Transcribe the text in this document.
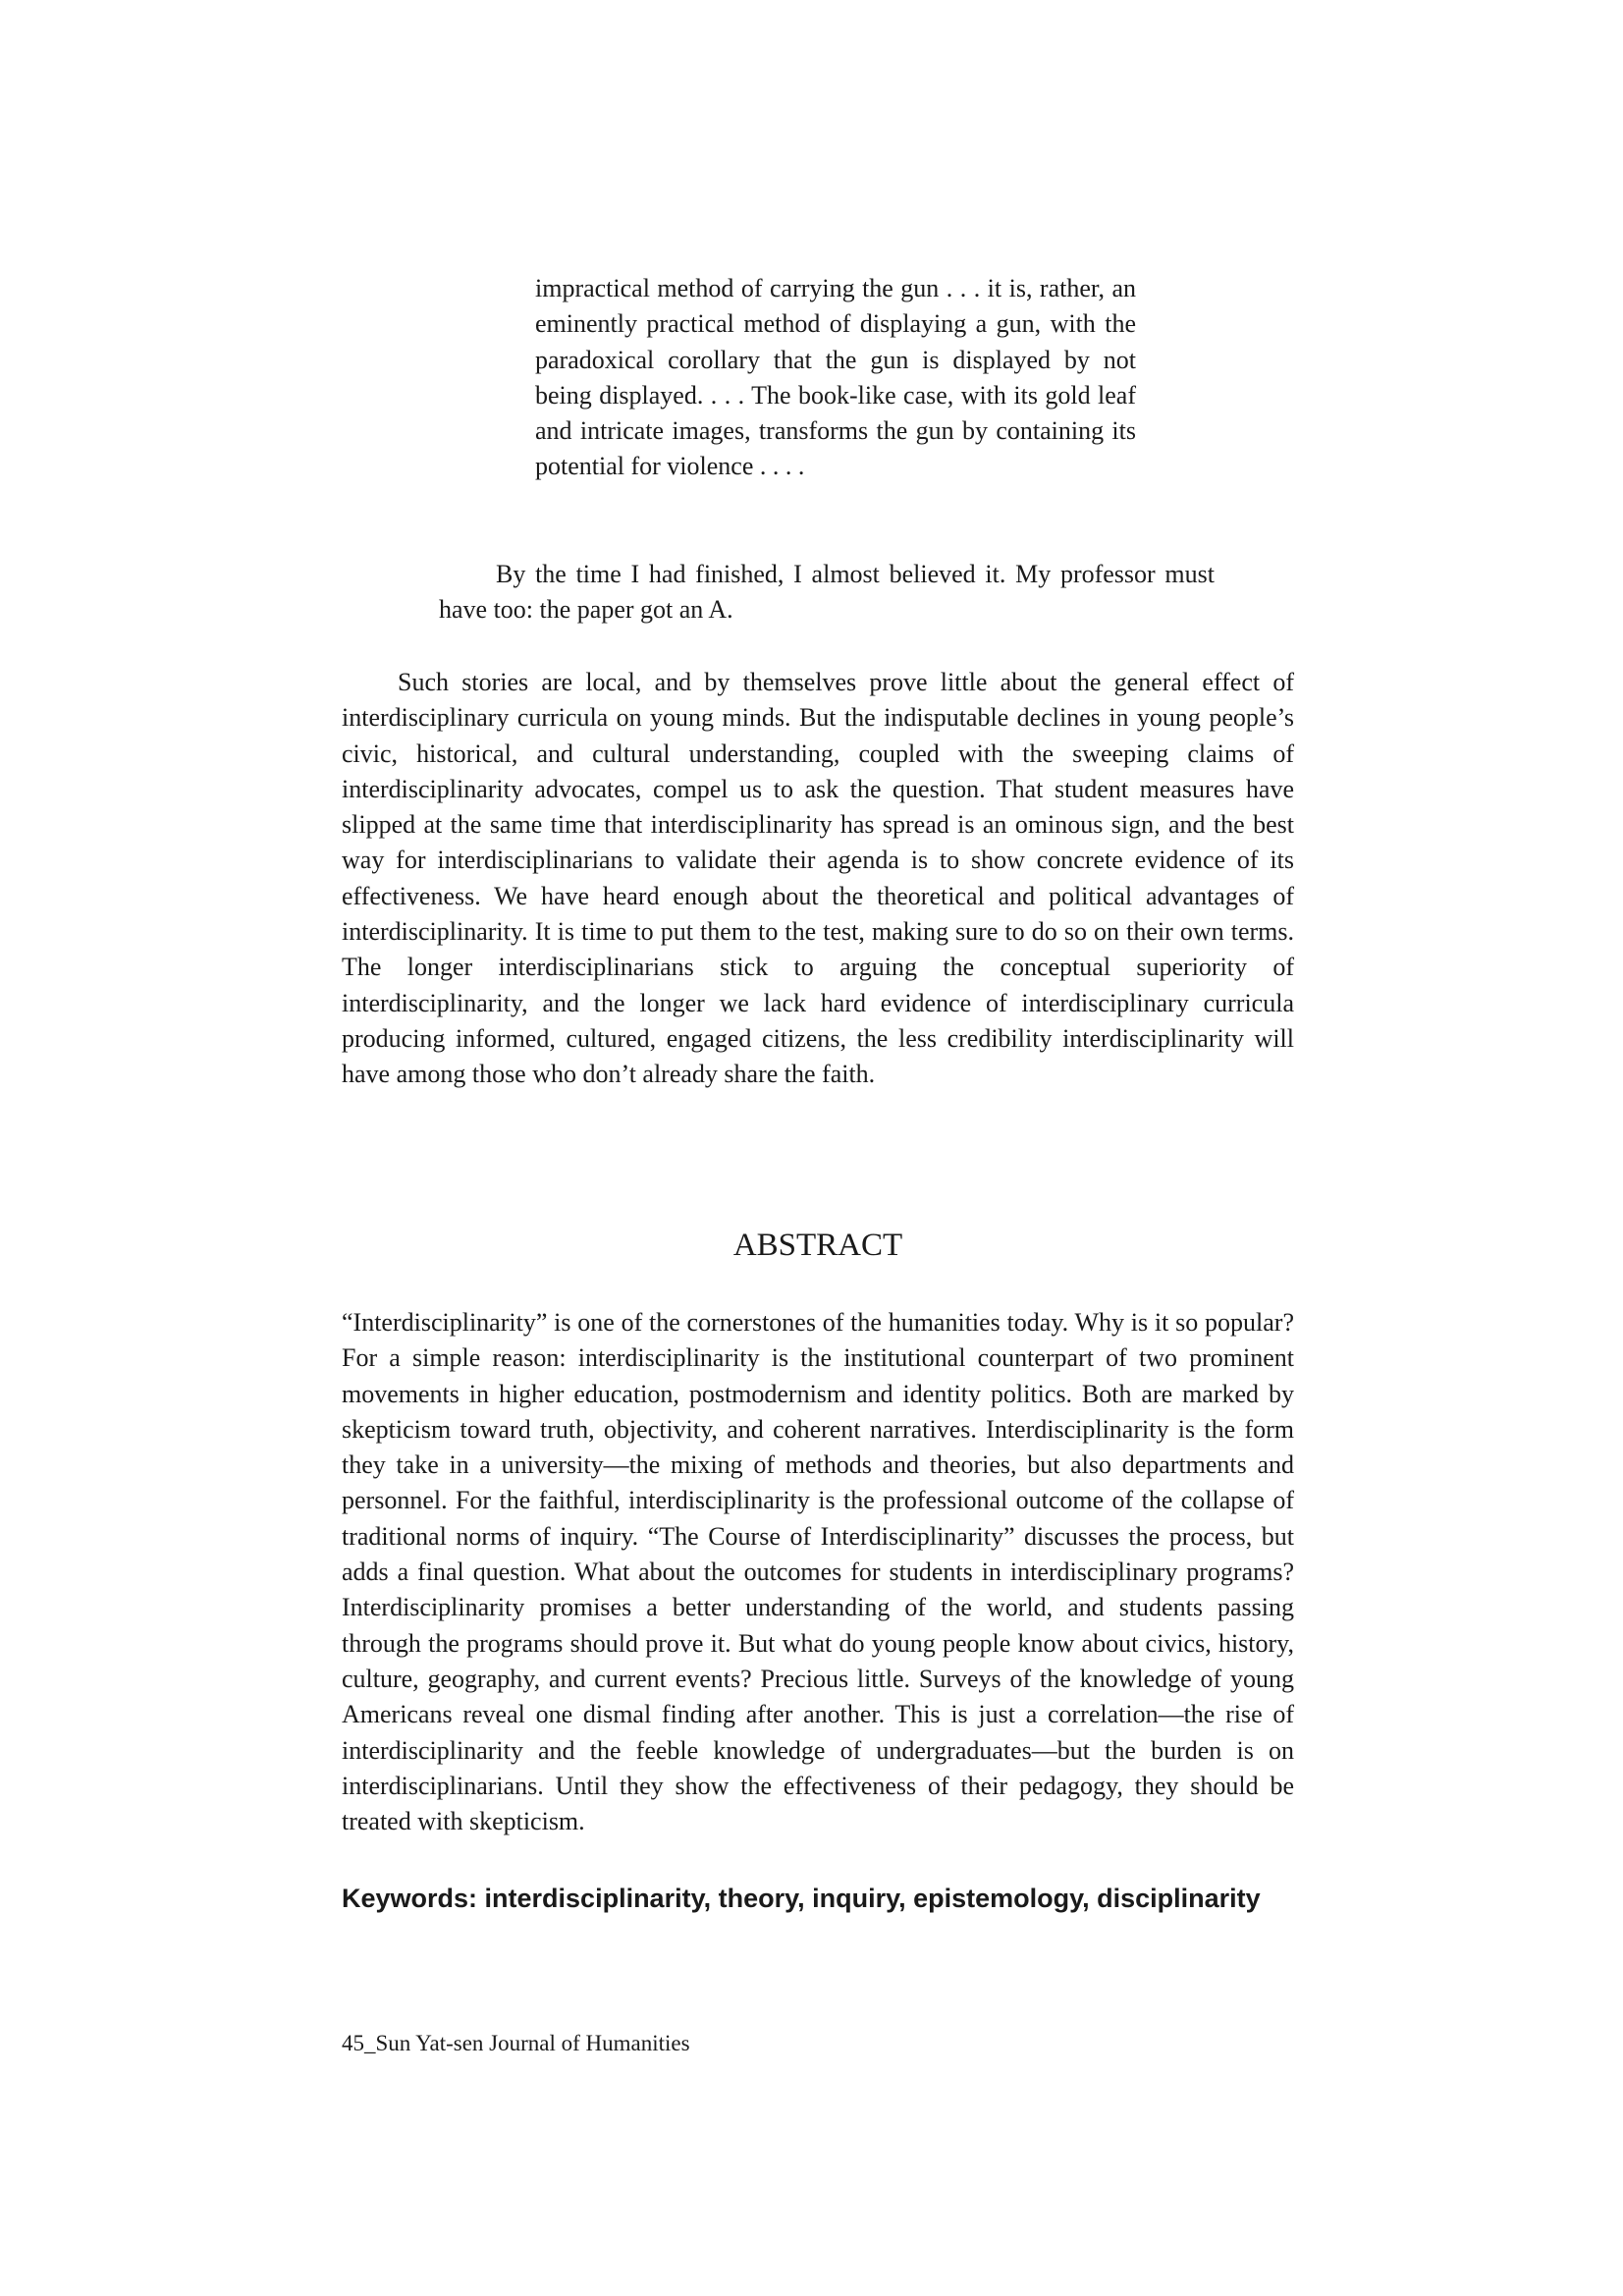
impractical method of carrying the gun . . . it is, rather, an eminently practical method of displaying a gun, with the paradoxical corollary that the gun is displayed by not being displayed. . . . The book-like case, with its gold leaf and intricate images, transforms the gun by containing its potential for violence . . . .

By the time I had finished, I almost believed it. My professor must have too: the paper got an A.

Such stories are local, and by themselves prove little about the general effect of interdisciplinary curricula on young minds. But the indisputable declines in young people’s civic, historical, and cultural understanding, coupled with the sweeping claims of interdisciplinarity advocates, compel us to ask the question. That student measures have slipped at the same time that interdisciplinarity has spread is an ominous sign, and the best way for interdisciplinarians to validate their agenda is to show concrete evidence of its effectiveness. We have heard enough about the theoretical and political advantages of interdisciplinarity. It is time to put them to the test, making sure to do so on their own terms. The longer interdisciplinarians stick to arguing the conceptual superiority of interdisciplinarity, and the longer we lack hard evidence of interdisciplinary curricula producing informed, cultured, engaged citizens, the less credibility interdisciplinarity will have among those who don’t already share the faith.

ABSTRACT

“Interdisciplinarity” is one of the cornerstones of the humanities today. Why is it so popular? For a simple reason: interdisciplinarity is the institutional counterpart of two prominent movements in higher education, postmodernism and identity politics. Both are marked by skepticism toward truth, objectivity, and coherent narratives. Interdisciplinarity is the form they take in a university—the mixing of methods and theories, but also departments and personnel. For the faithful, interdisciplinarity is the professional outcome of the collapse of traditional norms of inquiry. “The Course of Interdisciplinarity” discusses the process, but adds a final question. What about the outcomes for students in interdisciplinary programs? Interdisciplinarity promises a better understanding of the world, and students passing through the programs should prove it. But what do young people know about civics, history, culture, geography, and current events? Precious little. Surveys of the knowledge of young Americans reveal one dismal finding after another. This is just a correlation—the rise of interdisciplinarity and the feeble knowledge of undergraduates—but the burden is on interdisciplinarians. Until they show the effectiveness of their pedagogy, they should be treated with skepticism.

Keywords: interdisciplinarity, theory, inquiry, epistemology, disciplinarity

45_Sun Yat-sen Journal of Humanities
